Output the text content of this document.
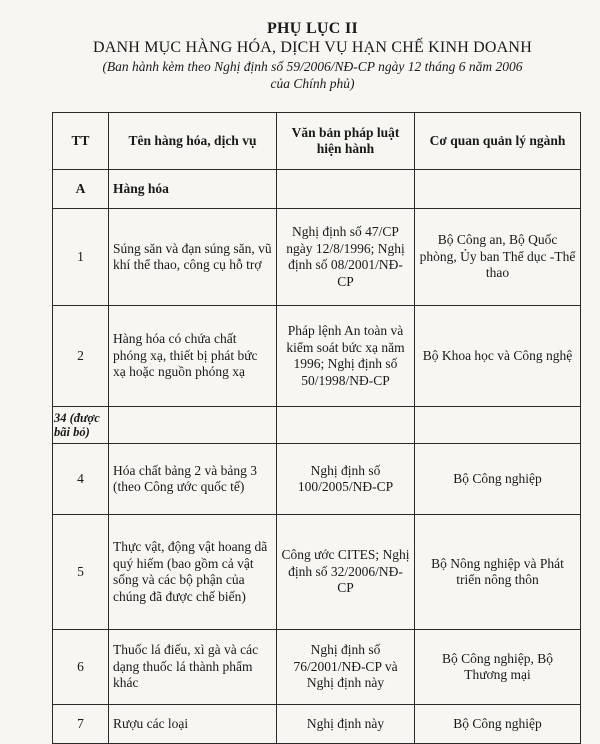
PHỤ LỤC II
DANH MỤC HÀNG HÓA, DỊCH VỤ HẠN CHẾ KINH DOANH
(Ban hành kèm theo Nghị định số 59/2006/NĐ-CP ngày 12 tháng 6 năm 2006
của Chính phủ)
TT	Tên hàng hóa, dịch vụ	Văn bản pháp luật hiện hành	Cơ quan quản lý ngành
A	Hàng hóa		
1	Súng săn và đạn súng săn, vũ khí thể thao, công cụ hỗ trợ	Nghị định số 47/CP ngày 12/8/1996; Nghị định số 08/2001/NĐ-CP	Bộ Công an, Bộ Quốc phòng, Ủy ban Thể dục -Thể thao
2	Hàng hóa có chứa chất phóng xạ, thiết bị phát bức xạ hoặc nguồn phóng xạ	Pháp lệnh An toàn và kiểm soát bức xạ năm 1996; Nghị định số 50/1998/NĐ-CP	Bộ Khoa học và Công nghệ
34 (được bãi bỏ)			
4	Hóa chất bảng 2 và bảng 3 (theo Công ước quốc tế)	Nghị định số 100/2005/NĐ-CP	Bộ Công nghiệp
5	Thực vật, động vật hoang dã quý hiếm (bao gồm cả vật sống và các bộ phận của chúng đã được chế biến)	Công ước CITES; Nghị định số 32/2006/NĐ-CP	Bộ Nông nghiệp và Phát triển nông thôn
6	Thuốc lá điếu, xì gà và các dạng thuốc lá thành phẩm khác	Nghị định số 76/2001/NĐ-CP và Nghị định này	Bộ Công nghiệp, Bộ Thương mại
7	Rượu các loại	Nghị định này	Bộ Công nghiệp
